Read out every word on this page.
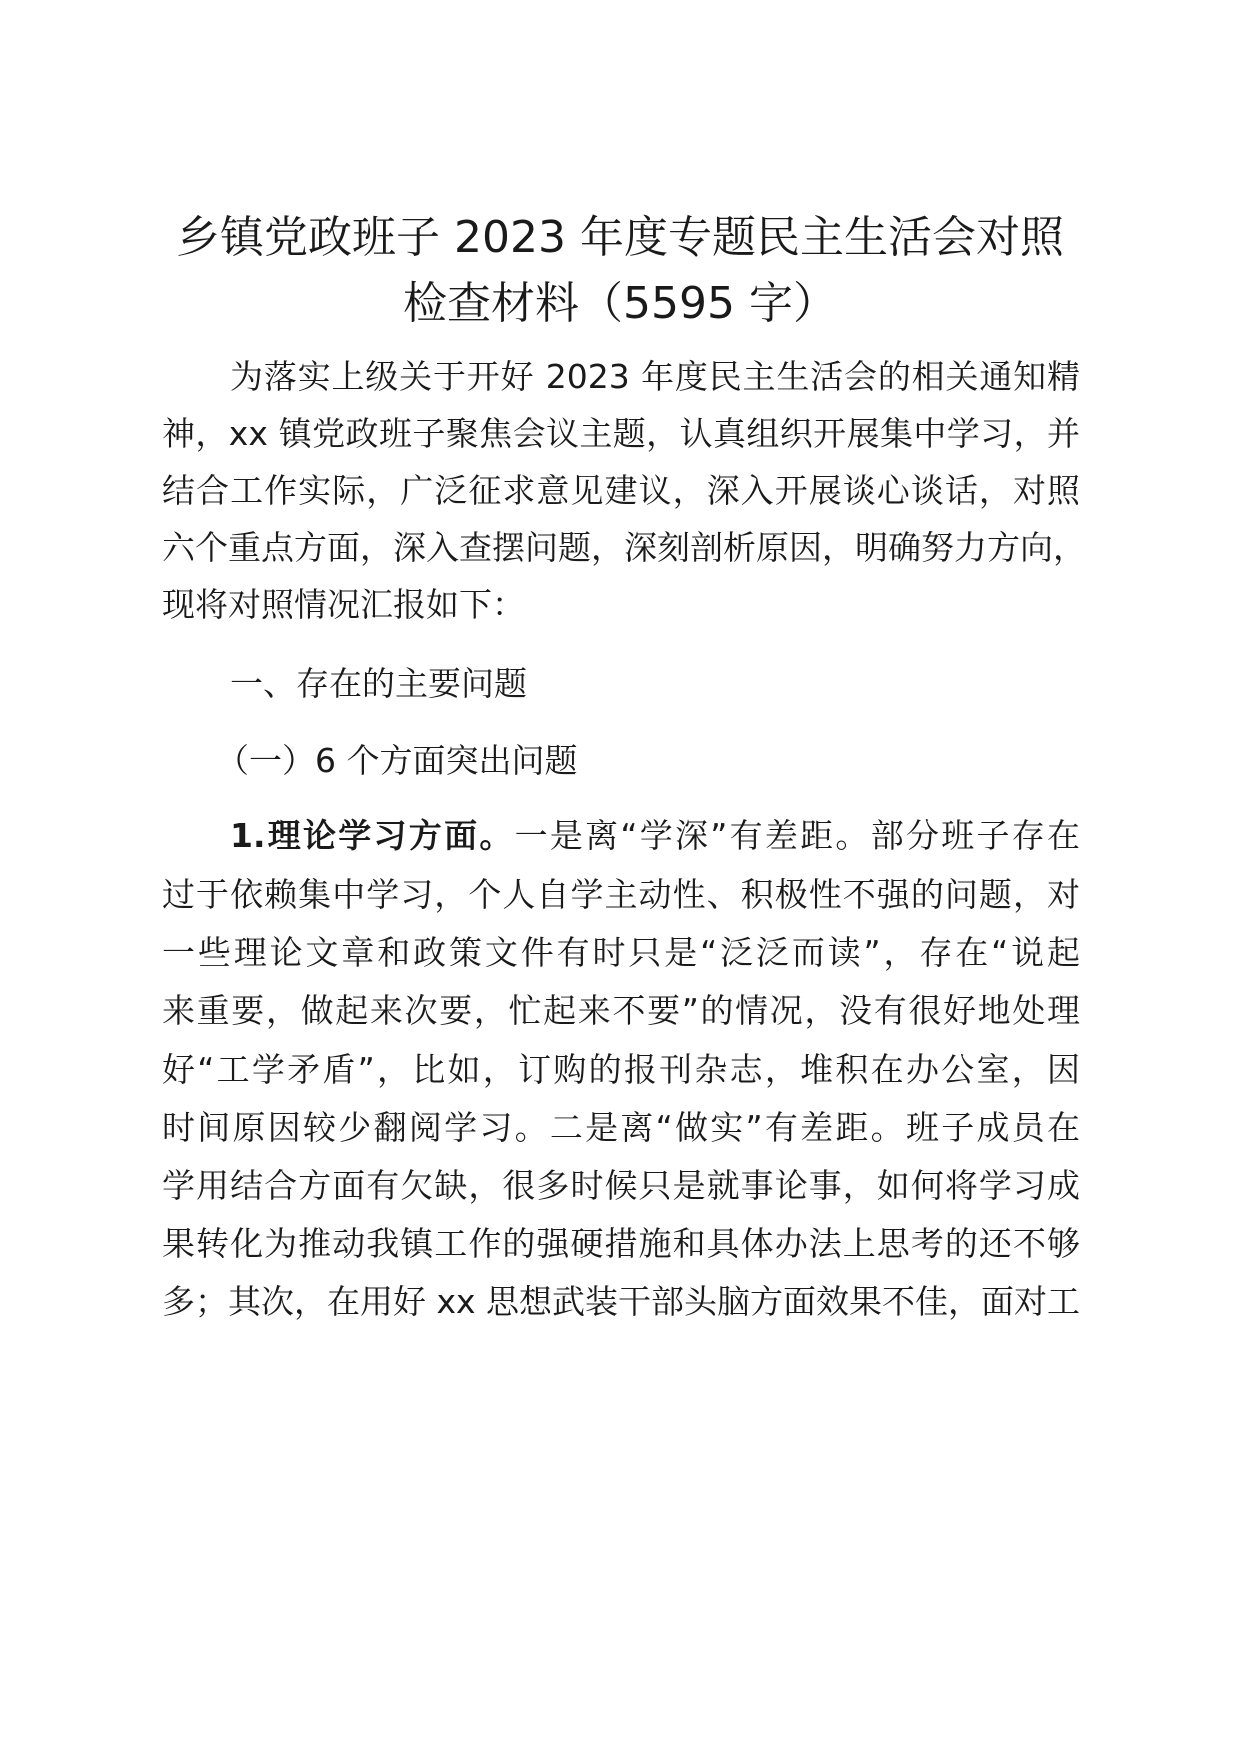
乡镇党政班子 2023 年度专题民主生活会对照
检查材料（5595 字）

为落实上级关于开好 2023 年度民主生活会的相关通知精

神，xx 镇党政班子聚焦会议主题，认真组织开展集中学习，并

结合工作实际，广泛征求意见建议，深入开展谈心谈话，对照

六个重点方面，深入查摆问题，深刻剖析原因，明确努力方向，

现将对照情况汇报如下：

一、存在的主要问题

（一）6 个方面突出问题

1.理论学习方面。一是离“学深”有差距。部分班子存在

过于依赖集中学习，个人自学主动性、积极性不强的问题，对

一些理论文章和政策文件有时只是“泛泛而读”，存在“说起

来重要，做起来次要，忙起来不要”的情况，没有很好地处理

好“工学矛盾”，比如，订购的报刊杂志，堆积在办公室，因

时间原因较少翻阅学习。二是离“做实”有差距。班子成员在

学用结合方面有欠缺，很多时候只是就事论事，如何将学习成

果转化为推动我镇工作的强硬措施和具体办法上思考的还不够

多；其次，在用好 xx 思想武装干部头脑方面效果不佳，面对工
